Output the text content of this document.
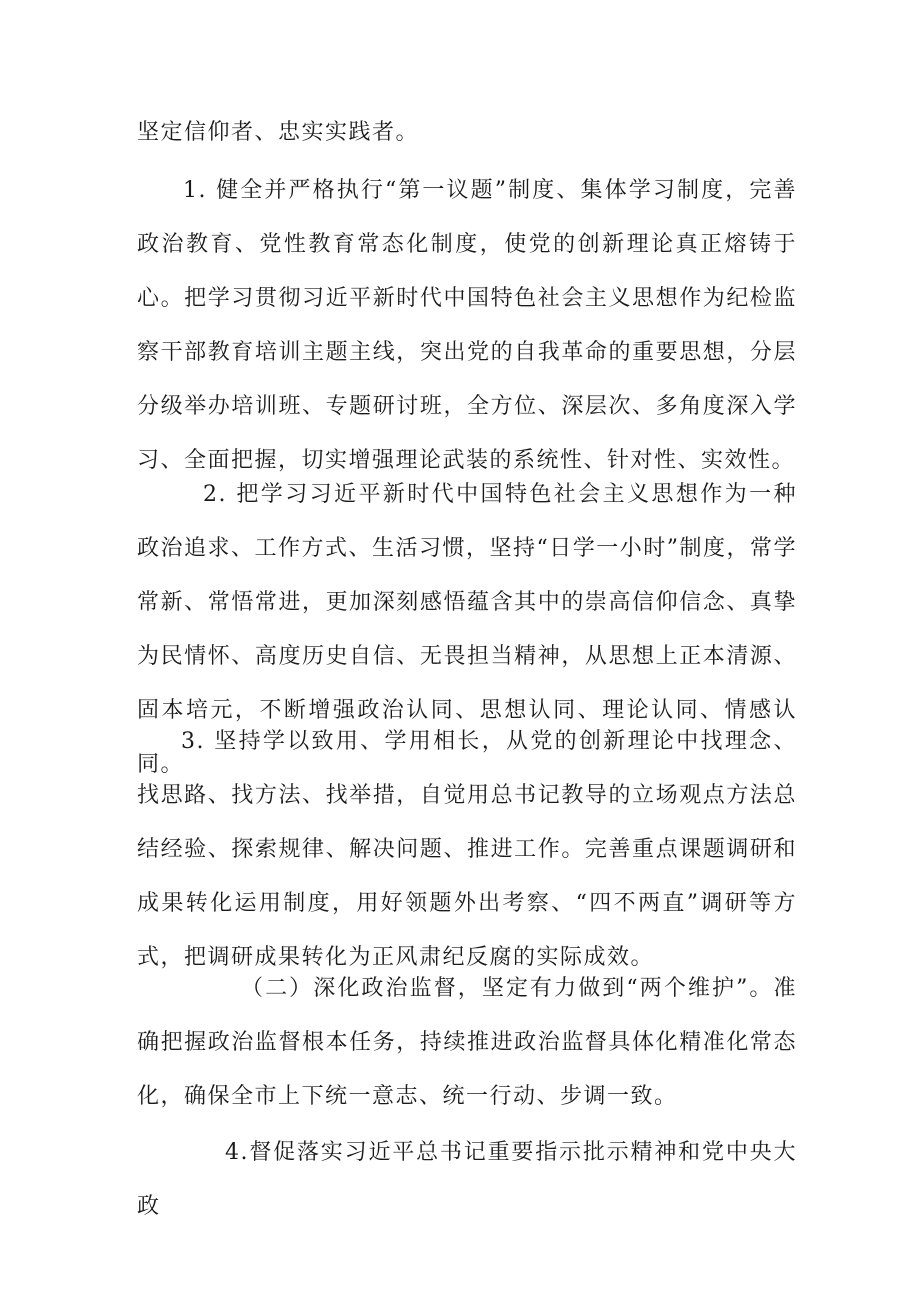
坚定信仰者、忠实实践者。

1. 健全并严格执行“第一议题”制度、集体学习制度，完善政治教育、党性教育常态化制度，使党的创新理论真正熔铸于心。把学习贯彻习近平新时代中国特色社会主义思想作为纪检监察干部教育培训主题主线，突出党的自我革命的重要思想，分层分级举办培训班、专题研讨班，全方位、深层次、多角度深入学习、全面把握，切实增强理论武装的系统性、针对性、实效性。

2. 把学习习近平新时代中国特色社会主义思想作为一种政治追求、工作方式、生活习惯，坚持“日学一小时”制度，常学常新、常悟常进，更加深刻感悟蕴含其中的崇高信仰信念、真挚为民情怀、高度历史自信、无畏担当精神，从思想上正本清源、固本培元，不断增强政治认同、思想认同、理论认同、情感认同。

3. 坚持学以致用、学用相长，从党的创新理论中找理念、找思路、找方法、找举措，自觉用总书记教导的立场观点方法总结经验、探索规律、解决问题、推进工作。完善重点课题调研和成果转化运用制度，用好领题外出考察、“四不两直”调研等方式，把调研成果转化为正风肃纪反腐的实际成效。

（二）深化政治监督，坚定有力做到“两个维护”。准确把握政治监督根本任务，持续推进政治监督具体化精准化常态化，确保全市上下统一意志、统一行动、步调一致。

4.督促落实习近平总书记重要指示批示精神和党中央大政
